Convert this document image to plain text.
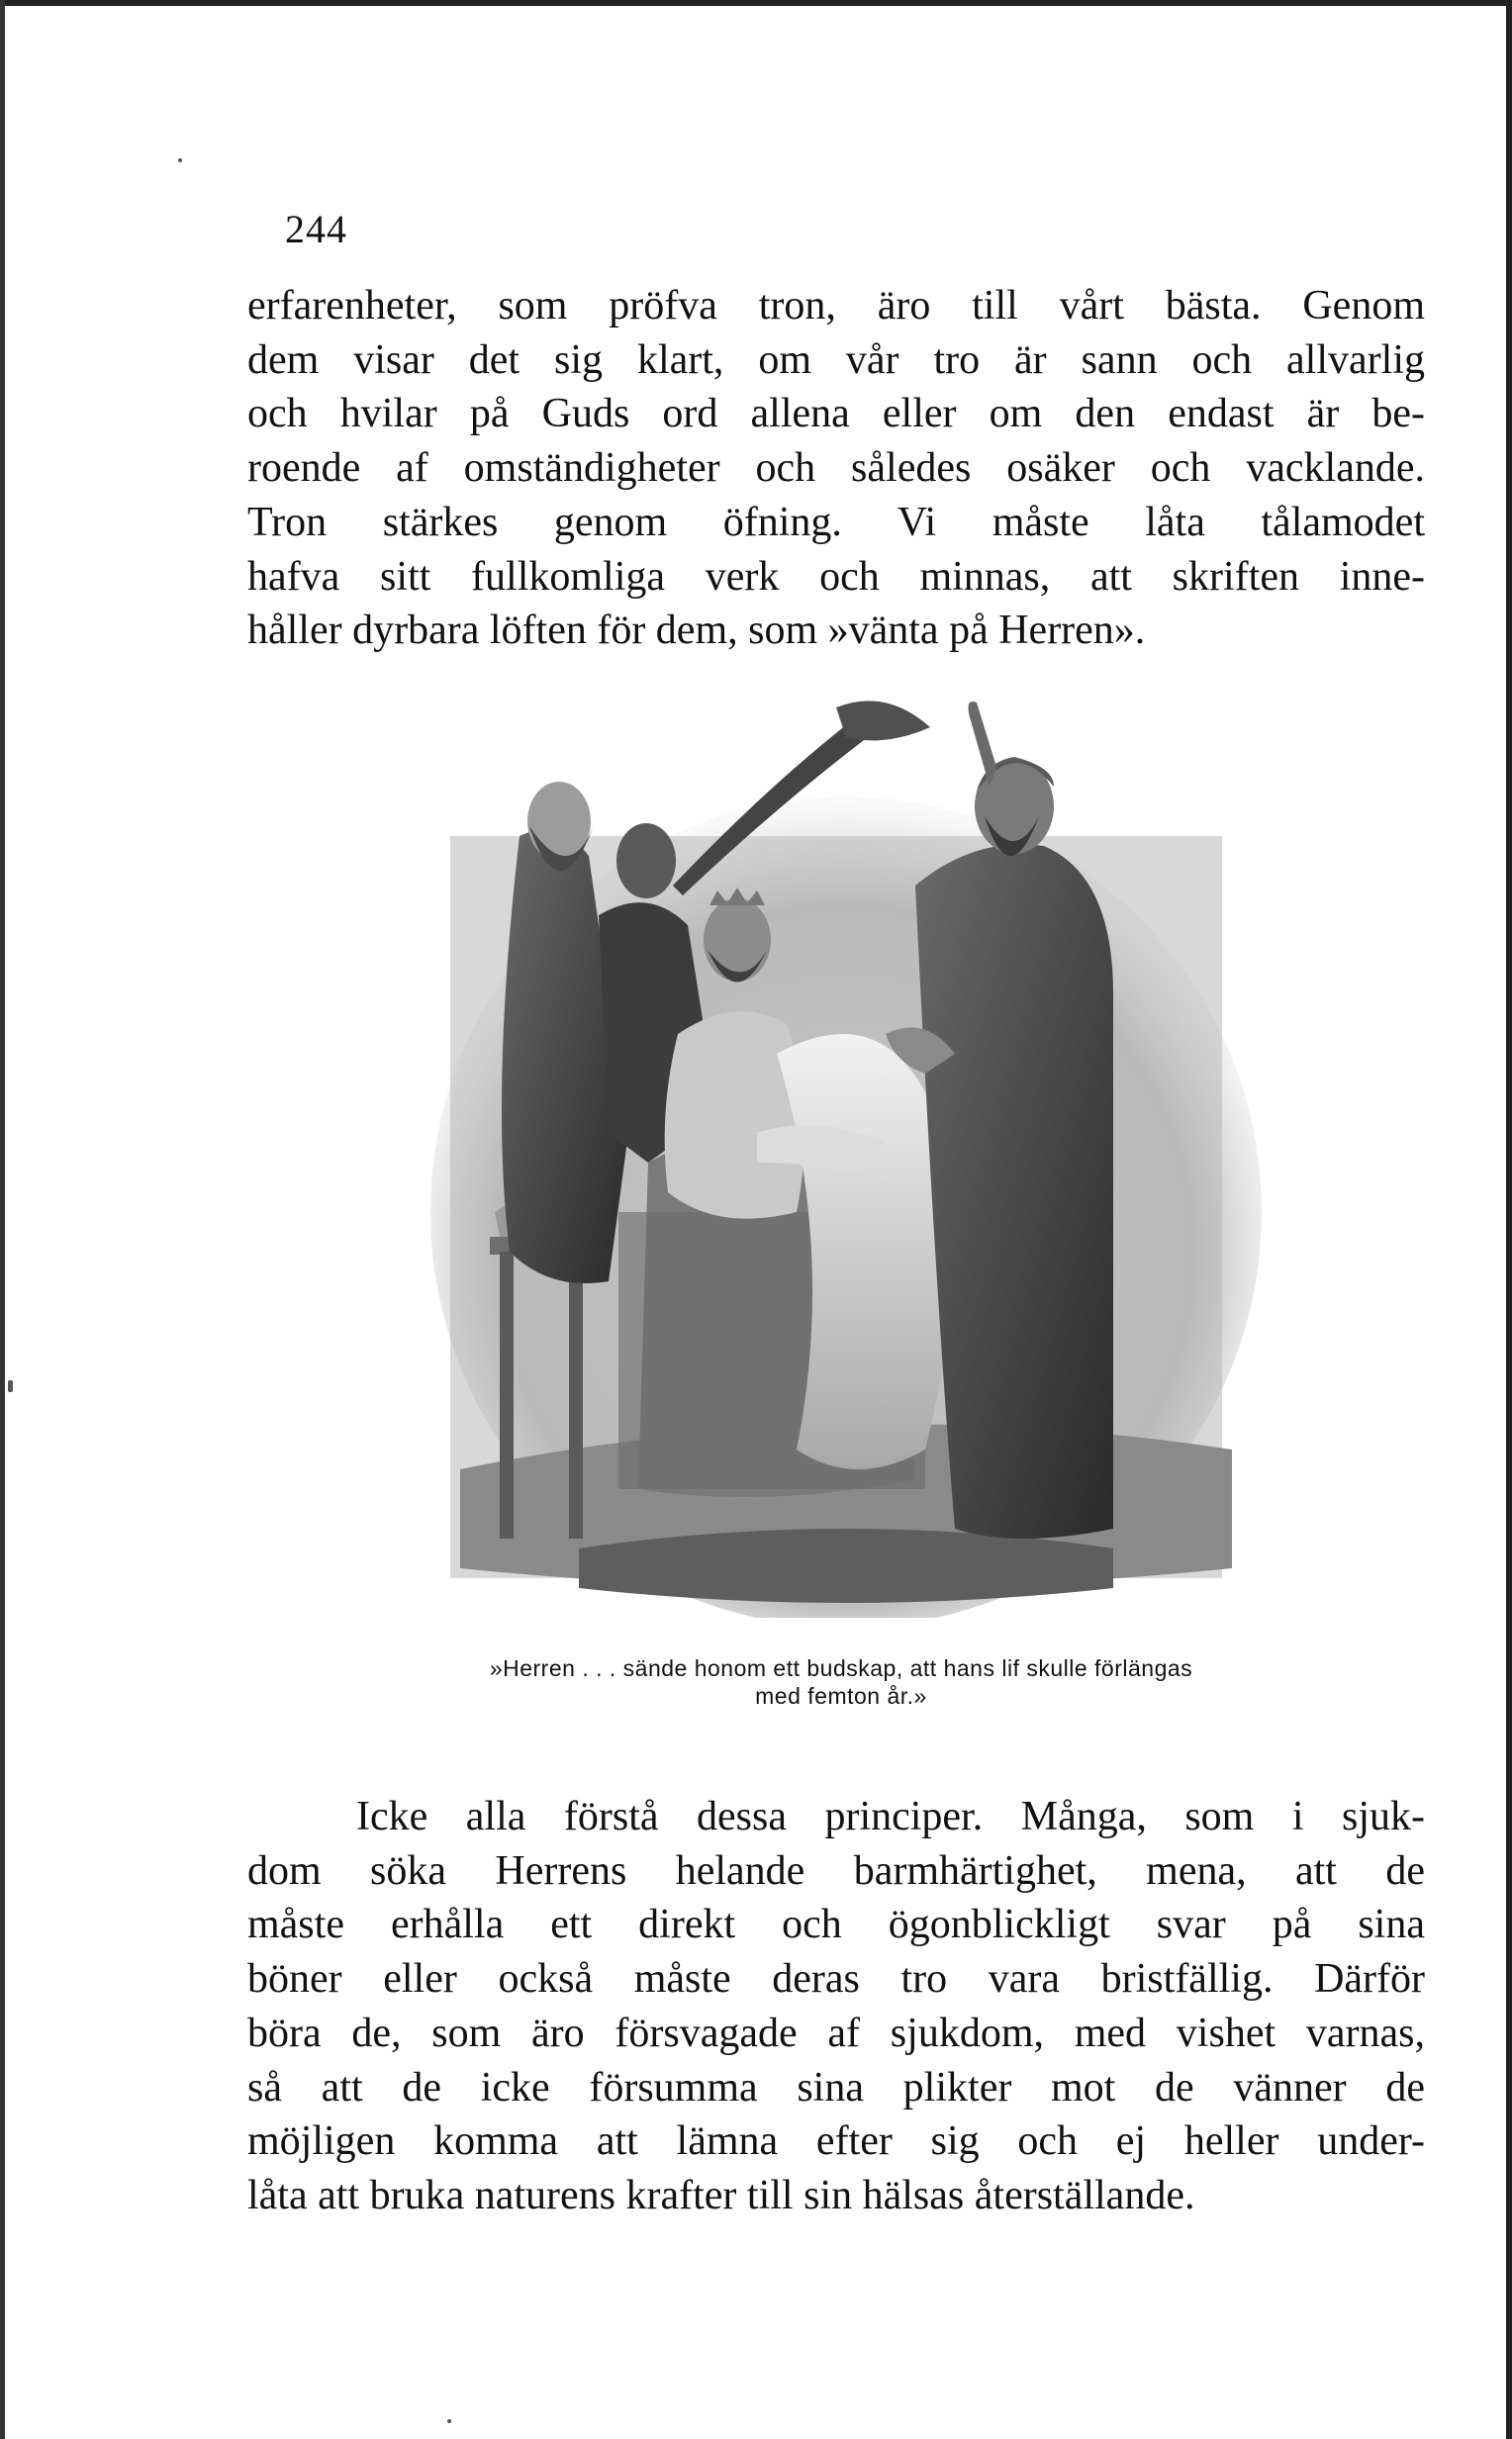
244
erfarenheter, som pröfva tron, äro till vårt bästa. Genom
dem visar det sig klart, om vår tro är sann och allvarlig
och hvilar på Guds ord allena eller om den endast är be-
roende af omständigheter och således osäker och vacklande.
Tron stärkes genom öfning. Vi måste låta tålamodet
hafva sitt fullkomliga verk och minnas, att skriften inne-
håller dyrbara löften för dem, som »vänta på Herren».
»Herren . . . sände honom ett budskap, att hans lif skulle förlängas
med femton år.»
Icke alla förstå dessa principer. Många, som i sjuk-
dom söka Herrens helande barmhärtighet, mena, att de
måste erhålla ett direkt och ögonblickligt svar på sina
böner eller också måste deras tro vara bristfällig. Därför
böra de, som äro försvagade af sjukdom, med vishet varnas,
så att de icke försumma sina plikter mot de vänner de
möjligen komma att lämna efter sig och ej heller under-
låta att bruka naturens krafter till sin hälsas återställande.
